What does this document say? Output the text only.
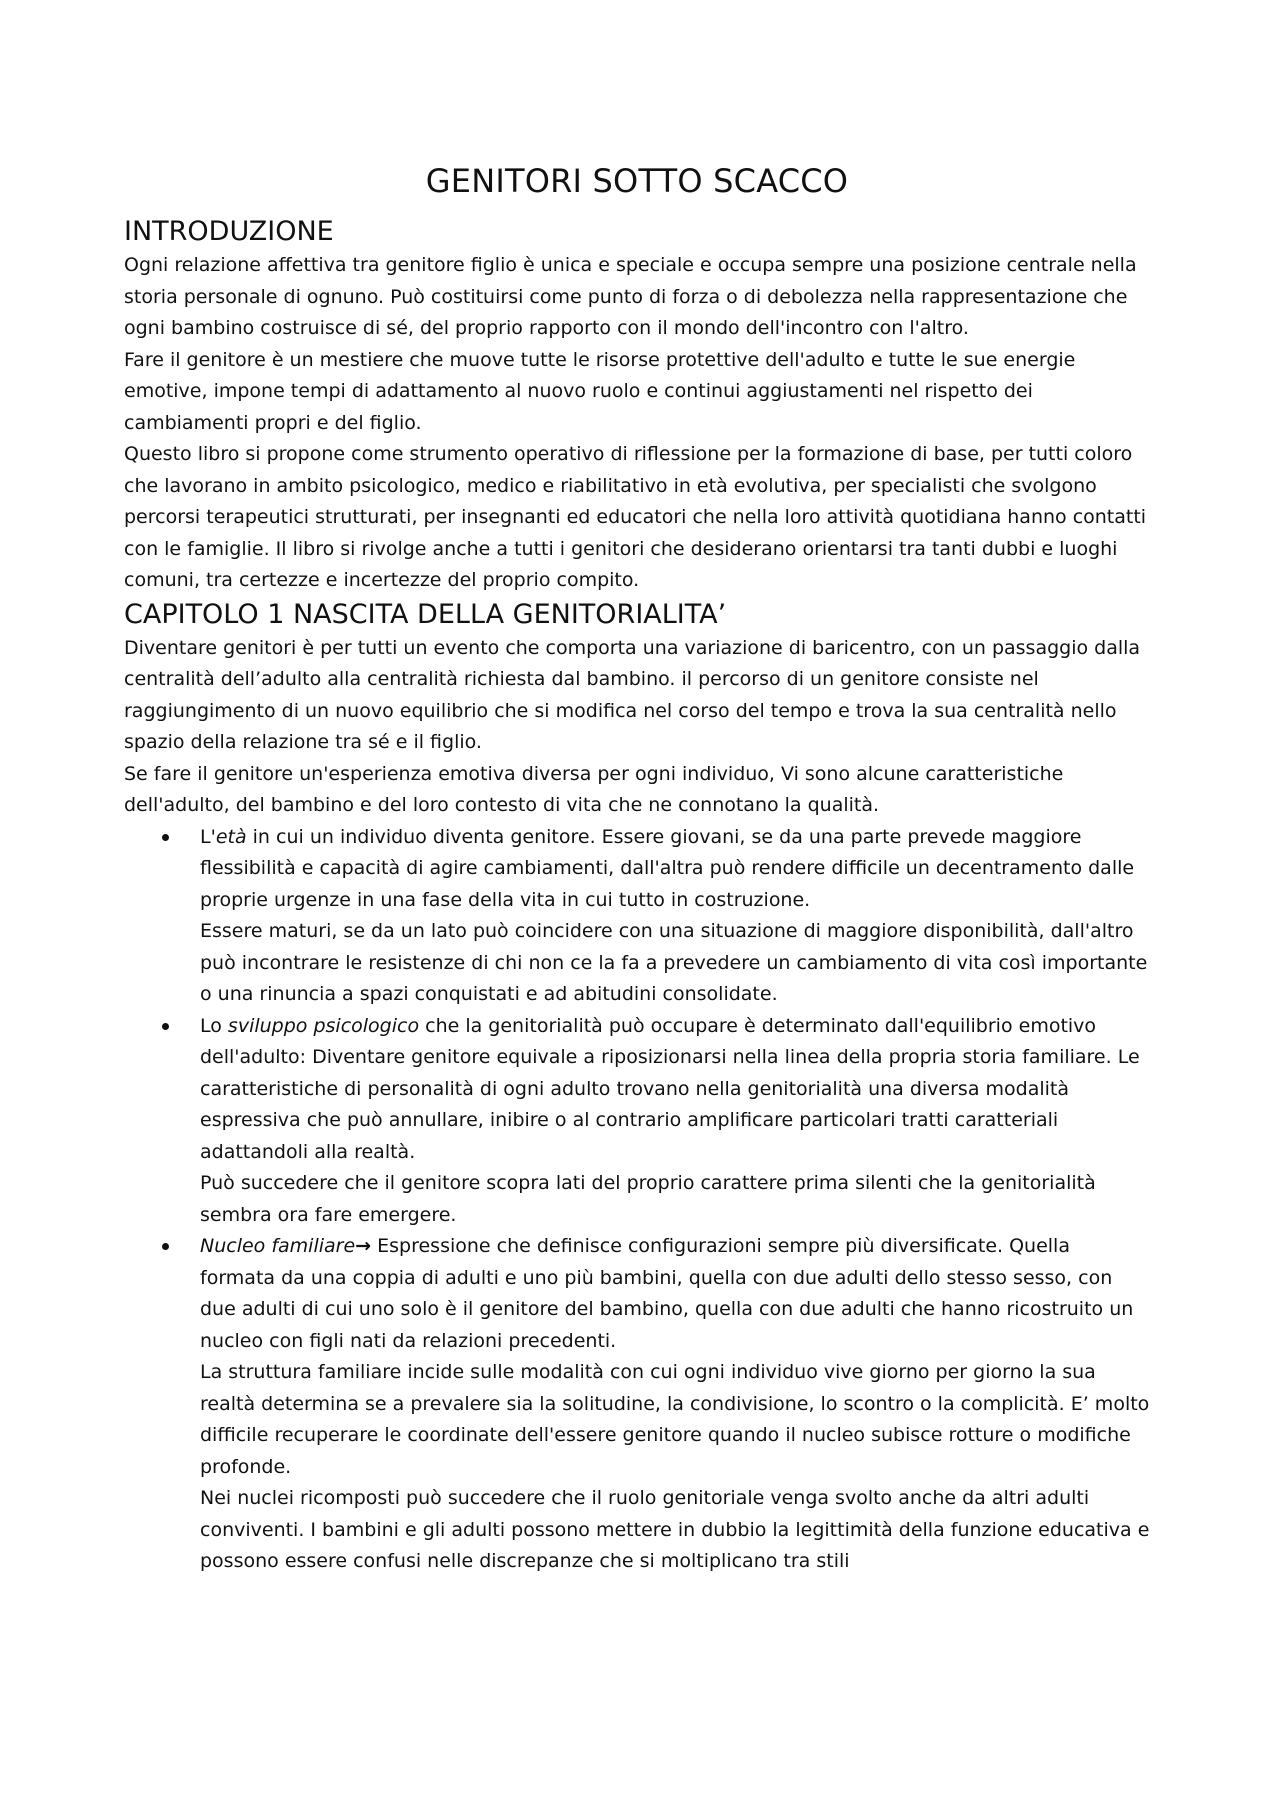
GENITORI SOTTO SCACCO
INTRODUZIONE

Ogni relazione affettiva tra genitore figlio è unica e speciale e occupa sempre una posizione centrale nella storia personale di ognuno. Può costituirsi come punto di forza o di debolezza nella rappresentazione che ogni bambino costruisce di sé, del proprio rapporto con il mondo dell'incontro con l'altro.

Fare il genitore è un mestiere che muove tutte le risorse protettive dell'adulto e tutte le sue energie emotive, impone tempi di adattamento al nuovo ruolo e continui aggiustamenti nel rispetto dei cambiamenti propri e del figlio.

Questo libro si propone come strumento operativo di riflessione per la formazione di base, per tutti coloro che lavorano in ambito psicologico, medico e riabilitativo in età evolutiva, per specialisti che svolgono percorsi terapeutici strutturati, per insegnanti ed educatori che nella loro attività quotidiana hanno contatti con le famiglie. Il libro si rivolge anche a tutti i genitori che desiderano orientarsi tra tanti dubbi e luoghi comuni, tra certezze e incertezze del proprio compito.

CAPITOLO 1 NASCITA DELLA GENITORIALITA’

Diventare genitori è per tutti un evento che comporta una variazione di baricentro, con un passaggio dalla centralità dell’adulto alla centralità richiesta dal bambino. il percorso di un genitore consiste nel raggiungimento di un nuovo equilibrio che si modifica nel corso del tempo e trova la sua centralità nello spazio della relazione tra sé e il figlio.

Se fare il genitore un'esperienza emotiva diversa per ogni individuo, Vi sono alcune caratteristiche dell'adulto, del bambino e del loro contesto di vita che ne connotano la qualità.

L'età in cui un individuo diventa genitore. Essere giovani, se da una parte prevede maggiore flessibilità e capacità di agire cambiamenti, dall'altra può rendere difficile un decentramento dalle proprie urgenze in una fase della vita in cui tutto in costruzione.
Essere maturi, se da un lato può coincidere con una situazione di maggiore disponibilità, dall'altro può incontrare le resistenze di chi non ce la fa a prevedere un cambiamento di vita così importante o una rinuncia a spazi conquistati e ad abitudini consolidate.
Lo sviluppo psicologico che la genitorialità può occupare è determinato dall'equilibrio emotivo dell'adulto: Diventare genitore equivale a riposizionarsi nella linea della propria storia familiare. Le caratteristiche di personalità di ogni adulto trovano nella genitorialità una diversa modalità espressiva che può annullare, inibire o al contrario amplificare particolari tratti caratteriali adattandoli alla realtà.
Può succedere che il genitore scopra lati del proprio carattere prima silenti che la genitorialità sembra ora fare emergere.
Nucleo familiare→ Espressione che definisce configurazioni sempre più diversificate. Quella formata da una coppia di adulti e uno più bambini, quella con due adulti dello stesso sesso, con due adulti di cui uno solo è il genitore del bambino, quella con due adulti che hanno ricostruito un nucleo con figli nati da relazioni precedenti.
La struttura familiare incide sulle modalità con cui ogni individuo vive giorno per giorno la sua realtà determina se a prevalere sia la solitudine, la condivisione, lo scontro o la complicità. E’ molto difficile recuperare le coordinate dell'essere genitore quando il nucleo subisce rotture o modifiche profonde.
Nei nuclei ricomposti può succedere che il ruolo genitoriale venga svolto anche da altri adulti conviventi. I bambini e gli adulti possono mettere in dubbio la legittimità della funzione educativa e possono essere confusi nelle discrepanze che si moltiplicano tra stili
